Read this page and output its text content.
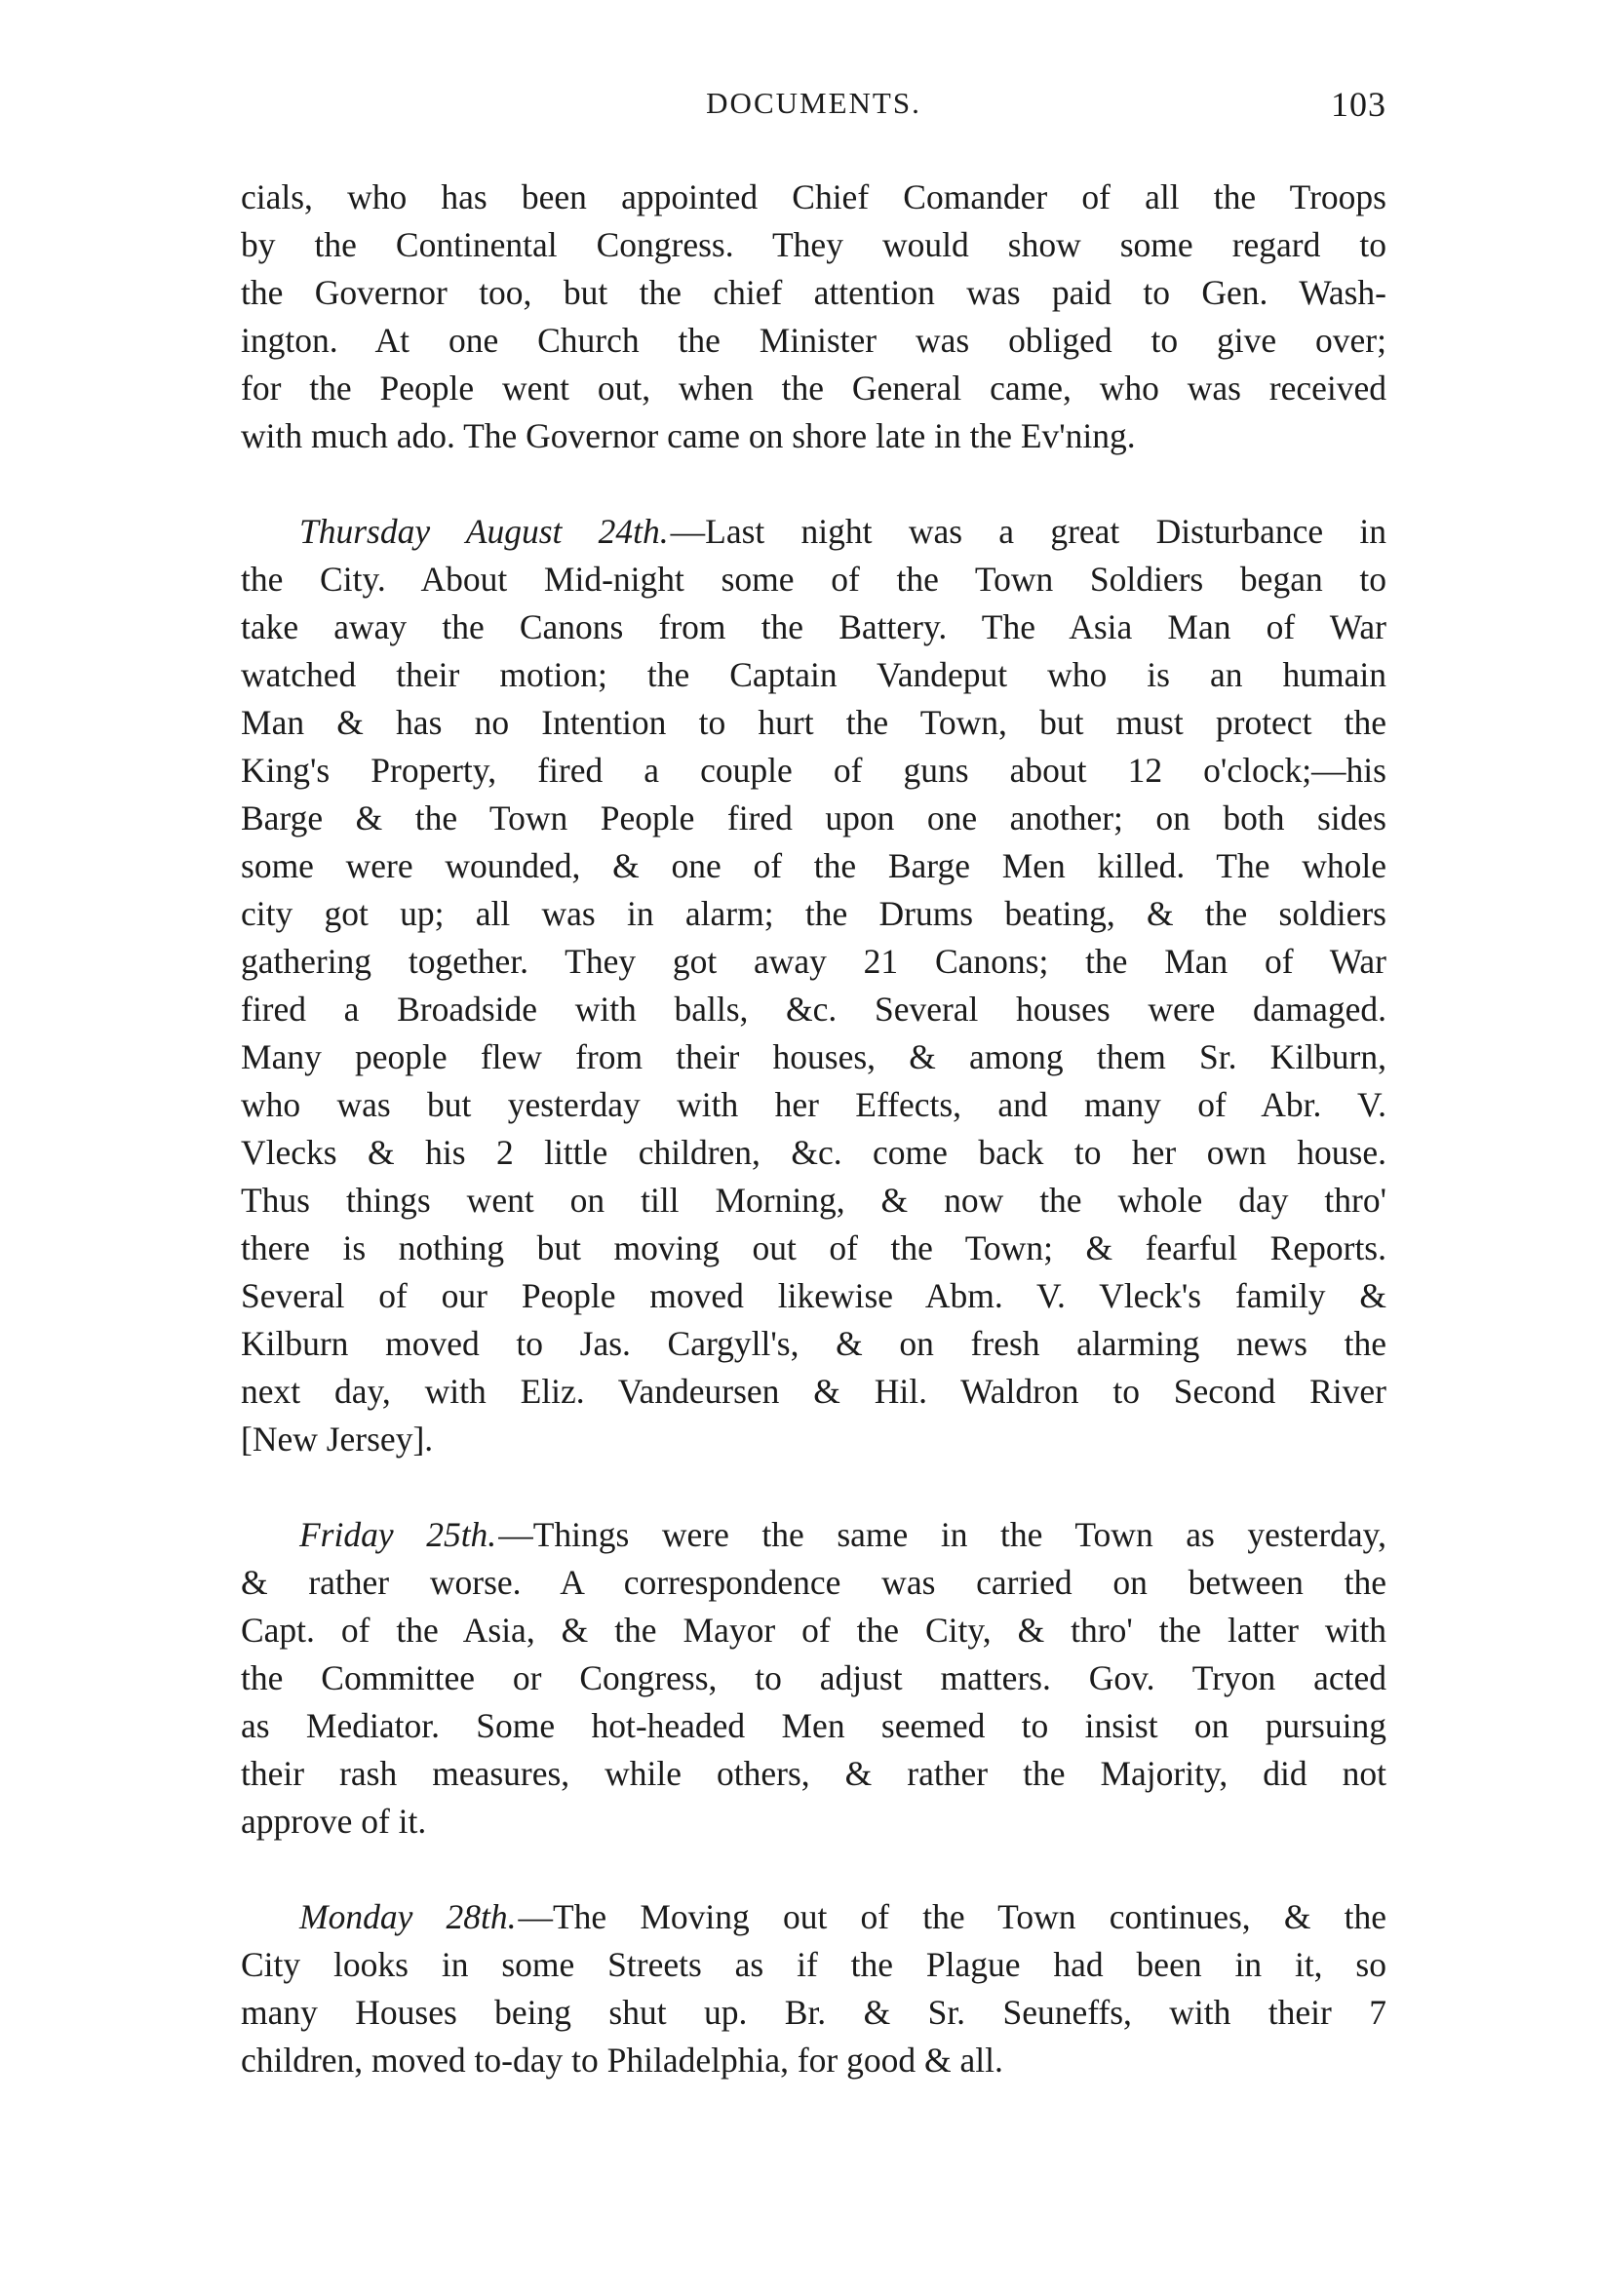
DOCUMENTS.	103
cials, who has been appointed Chief Comander of all the Troops
by the Continental Congress. They would show some regard to
the Governor too, but the chief attention was paid to Gen. Wash-
ington. At one Church the Minister was obliged to give over;
for the People went out, when the General came, who was received
with much ado. The Governor came on shore late in the Ev'ning.
Thursday August 24th.—Last night was a great Disturbance in
the City. About Mid-night some of the Town Soldiers began to
take away the Canons from the Battery. The Asia Man of War
watched their motion; the Captain Vandeput who is an humain
Man & has no Intention to hurt the Town, but must protect the
King's Property, fired a couple of guns about 12 o'clock;—his
Barge & the Town People fired upon one another; on both sides
some were wounded, & one of the Barge Men killed. The whole
city got up; all was in alarm; the Drums beating, & the soldiers
gathering together. They got away 21 Canons; the Man of War
fired a Broadside with balls, &c. Several houses were damaged.
Many people flew from their houses, & among them Sr. Kilburn,
who was but yesterday with her Effects, and many of Abr. V.
Vlecks & his 2 little children, &c. come back to her own house.
Thus things went on till Morning, & now the whole day thro'
there is nothing but moving out of the Town; & fearful Reports.
Several of our People moved likewise Abm. V. Vleck's family &
Kilburn moved to Jas. Cargyll's, & on fresh alarming news the
next day, with Eliz. Vandeursen & Hil. Waldron to Second River
[New Jersey].
Friday 25th.—Things were the same in the Town as yesterday,
& rather worse. A correspondence was carried on between the
Capt. of the Asia, & the Mayor of the City, & thro' the latter with
the Committee or Congress, to adjust matters. Gov. Tryon acted
as Mediator. Some hot-headed Men seemed to insist on pursuing
their rash measures, while others, & rather the Majority, did not
approve of it.
Monday 28th.—The Moving out of the Town continues, & the
City looks in some Streets as if the Plague had been in it, so
many Houses being shut up. Br. & Sr. Seuneffs, with their 7
children, moved to-day to Philadelphia, for good & all.
